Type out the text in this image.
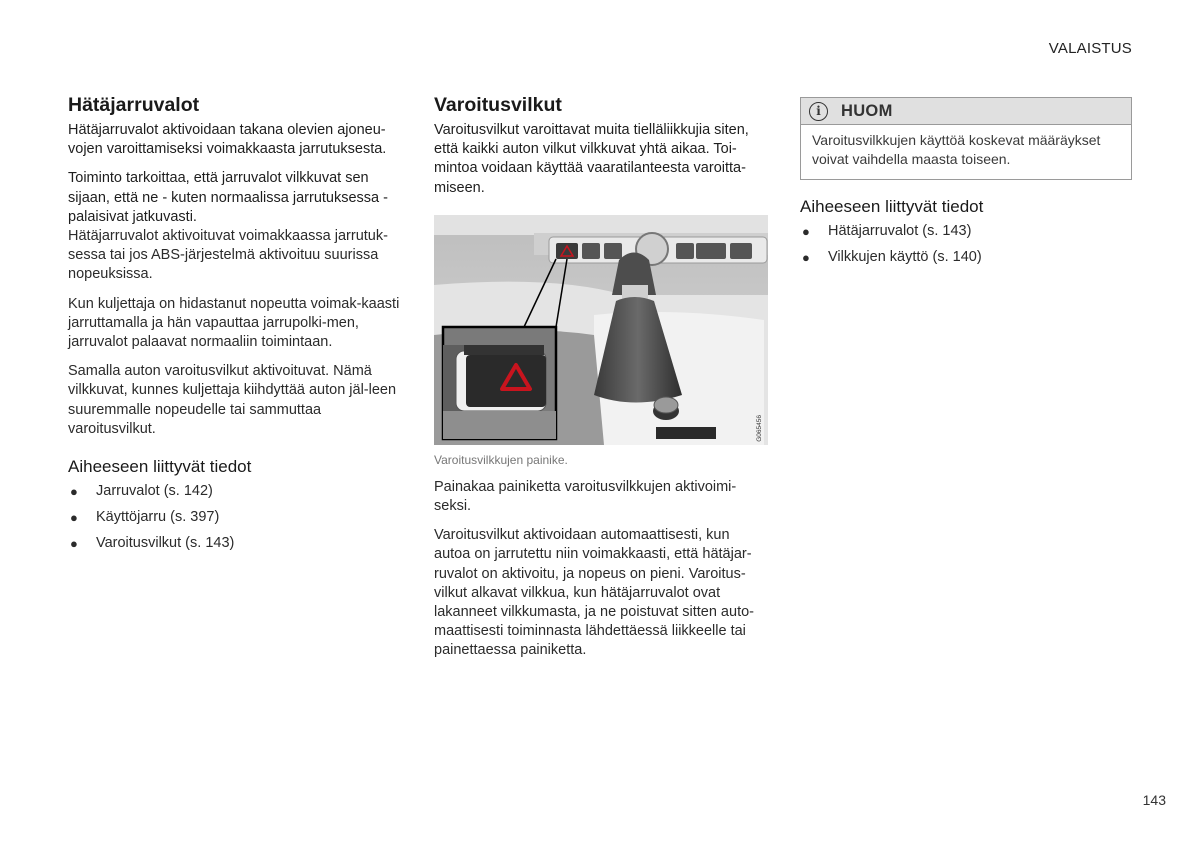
VALAISTUS
Hätäjarruvalot

Hätäjarruvalot aktivoidaan takana olevien ajoneu-vojen varoittamiseksi voimakkaasta jarrutuksesta.

Toiminto tarkoittaa, että jarruvalot vilkkuvat sen sijaan, että ne - kuten normaalissa jarrutuksessa - palaisivat jatkuvasti.

Hätäjarruvalot aktivoituvat voimakkaassa jarrutuk-sessa tai jos ABS-järjestelmä aktivoituu suurissa nopeuksissa.

Kun kuljettaja on hidastanut nopeutta voimak-kaasti jarruttamalla ja hän vapauttaa jarrupolki-men, jarruvalot palaavat normaaliin toimintaan.

Samalla auton varoitusvilkut aktivoituvat. Nämä vilkkuvat, kunnes kuljettaja kiihdyttää auton jäl-leen suuremmalle nopeudelle tai sammuttaa varoitusvilkut.

Aiheeseen liittyvät tiedot
● Jarruvalot (s. 142)
● Käyttöjarru (s. 397)
● Varoitusvilkut (s. 143)
Varoitusvilkut

Varoitusvilkut varoittavat muita tielläliikkujia siten, että kaikki auton vilkut vilkkuvat yhtä aikaa. Toi-mintoa voidaan käyttää vaaratilanteesta varoitta-miseen.

G065456
Varoitusvilkkujen painike.

Painakaa painiketta varoitusvilkkujen aktivoimi-seksi.

Varoitusvilkut aktivoidaan automaattisesti, kun autoa on jarrutettu niin voimakkaasti, että hätäjar-ruvalot on aktivoitu, ja nopeus on pieni. Varoitus-vilkut alkavat vilkkua, kun hätäjarruvalot ovat lakanneet vilkkumasta, ja ne poistuvat sitten auto-maattisesti toiminnasta lähdettäessä liikkeelle tai painettaessa painiketta.

i	HUOM
Varoitusvilkkujen käyttöä koskevat määräykset voivat vaihdella maasta toiseen.
Aiheeseen liittyvät tiedot
● Hätäjarruvalot (s. 143)
● Vilkkujen käyttö (s. 140)
143
